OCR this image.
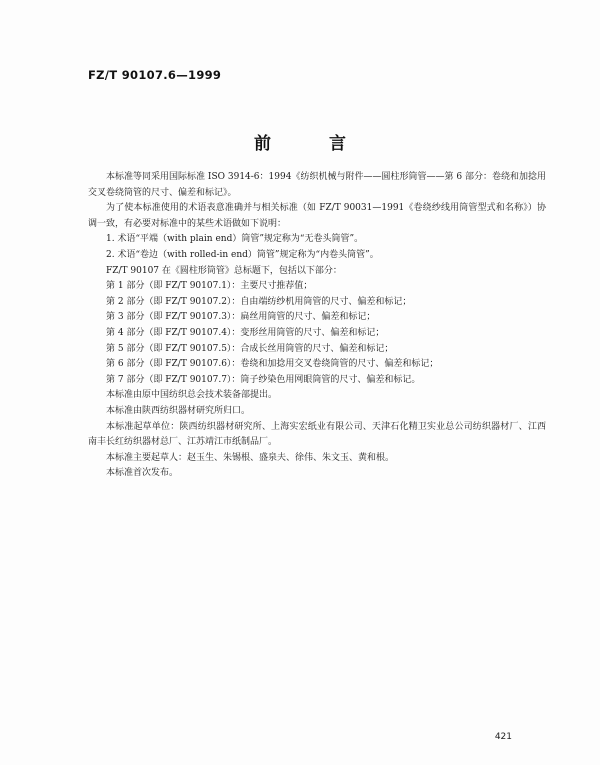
FZ/T 90107.6—1999
前 言

本标准等同采用国际标准 ISO 3914-6：1994《纺织机械与附件——圆柱形筒管——第 6 部分：卷绕和加捻用交叉卷绕筒管的尺寸、偏差和标记》。

为了使本标准使用的术语表意准确并与相关标准（如 FZ/T 90031—1991《卷绕纱线用筒管型式和名称》）协调一致，有必要对标准中的某些术语做如下说明：

1. 术语“平端（with plain end）筒管”规定称为“无卷头筒管”。

2. 术语“卷边（with rolled-in end）筒管”规定称为“内卷头筒管”。

FZ/T 90107 在《圆柱形筒管》总标题下，包括以下部分：

第 1 部分（即 FZ/T 90107.1）：主要尺寸推荐值；

第 2 部分（即 FZ/T 90107.2）：自由端纺纱机用筒管的尺寸、偏差和标记；

第 3 部分（即 FZ/T 90107.3）：扁丝用筒管的尺寸、偏差和标记；

第 4 部分（即 FZ/T 90107.4）：变形丝用筒管的尺寸、偏差和标记；

第 5 部分（即 FZ/T 90107.5）：合成长丝用筒管的尺寸、偏差和标记；

第 6 部分（即 FZ/T 90107.6）：卷绕和加捻用交叉卷绕筒管的尺寸、偏差和标记；

第 7 部分（即 FZ/T 90107.7）：筒子纱染色用网眼筒管的尺寸、偏差和标记。

本标准由原中国纺织总会技术装备部提出。

本标准由陕西纺织器材研究所归口。

本标准起草单位：陕西纺织器材研究所、上海实宏纸业有限公司、天津石化精卫实业总公司纺织器材厂、江西南丰长红纺织器材总厂、江苏靖江市纸制品厂。

本标准主要起草人：赵玉生、朱锡根、盛泉夫、徐伟、朱文玉、黄和根。

本标准首次发布。

421
